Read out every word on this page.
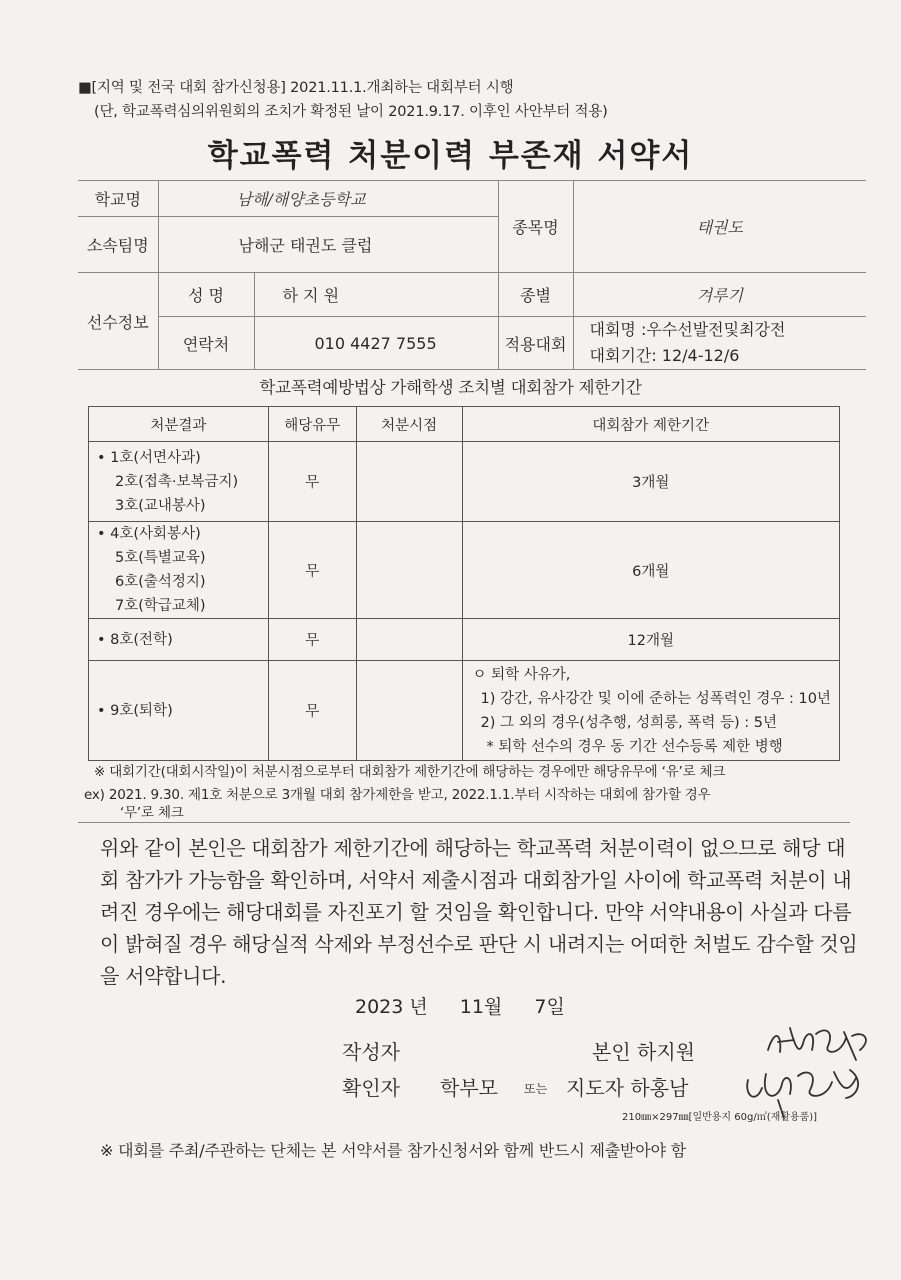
■[지역 및 전국 대회 참가신청용] 2021.11.1.개최하는 대회부터 시행
(단, 학교폭력심의위원회의 조치가 확정된 날이 2021.9.17. 이후인 사안부터 적용)
학교폭력 처분이력 부존재 서약서
학교명	남해/해양초등학교		종목명	태권도
소속팀명	남해군 태권도 클럽			
선수정보	성 명	하 지 원	종별	겨루기
	연락처	010 4427 7555	적용대회	대회명 :우수선발전및최강전
대회기간: 12/4-12/6
학교폭력예방법상 가해학생 조치별 대회참가 제한기간
처분결과	해당유무	처분시점	대회참가 제한기간

• 1호(서면사과)
2호(접촉·보복금지)
3호(교내봉사)	무		3개월

• 4호(사회봉사)
5호(특별교육)
6호(출석정지)
7호(학급교체)	무		6개월

• 8호(전학)	무		12개월

• 9호(퇴학)	무		ㅇ 퇴학 사유가,
1) 강간, 유사강간 및 이에 준하는 성폭력인 경우 : 10년
2) 그 외의 경우(성추행, 성희롱, 폭력 등) : 5년
* 퇴학 선수의 경우 동 기간 선수등록 제한 병행
※ 대회기간(대회시작일)이 처분시점으로부터 대회참가 제한기간에 해당하는 경우에만 해당유무에 ‘유’로 체크
ex) 2021. 9.30. 제1호 처분으로 3개월 대회 참가제한을 받고, 2022.1.1.부터 시작하는 대회에 참가할 경우
‘무’로 체크
위와 같이 본인은 대회참가 제한기간에 해당하는 학교폭력 처분이력이 없으므로 해당 대회 참가가 가능함을 확인하며, 서약서 제출시점과 대회참가일 사이에 학교폭력 처분이 내려진 경우에는 해당대회를 자진포기 할 것임을 확인합니다. 만약 서약내용이 사실과 다름이 밝혀질 경우 해당실적 삭제와 부정선수로 판단 시 내려지는 어떠한 처벌도 감수할 것임을 서약합니다.
2023 년 11월 7일
작성자	본인 하지원
확인자 학부모 또는 지도자 하홍남
210㎜×297㎜[일반용지 60g/㎡(재활용품)]
※ 대회를 주최/주관하는 단체는 본 서약서를 참가신청서와 함께 반드시 제출받아야 함
